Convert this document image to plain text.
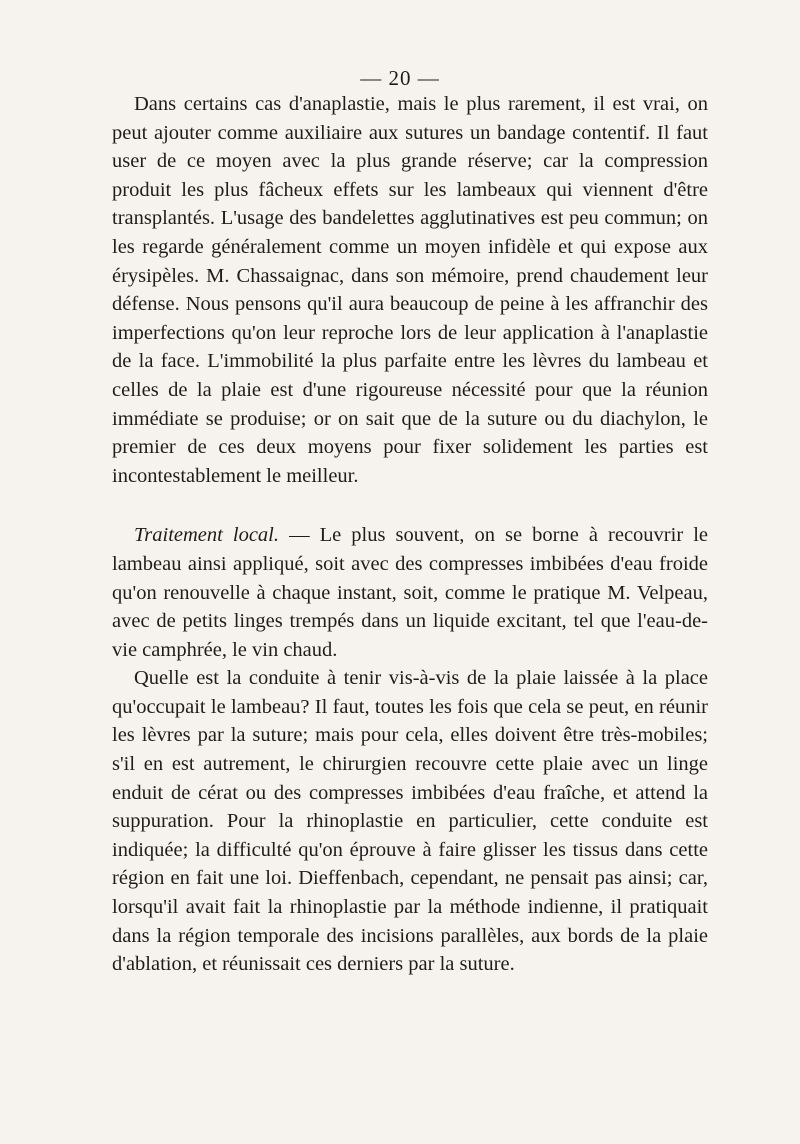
— 20 —

Dans certains cas d'anaplastie, mais le plus rarement, il est vrai, on peut ajouter comme auxiliaire aux sutures un bandage contentif. Il faut user de ce moyen avec la plus grande réserve; car la compression produit les plus fâcheux effets sur les lambeaux qui viennent d'être transplantés. L'usage des bandelettes agglutinatives est peu commun; on les regarde généralement comme un moyen infidèle et qui expose aux érysipèles. M. Chassaignac, dans son mémoire, prend chaudement leur défense. Nous pensons qu'il aura beaucoup de peine à les affranchir des imperfections qu'on leur reproche lors de leur application à l'anaplastie de la face. L'immobilité la plus parfaite entre les lèvres du lambeau et celles de la plaie est d'une rigoureuse nécessité pour que la réunion immédiate se produise; or on sait que de la suture ou du diachylon, le premier de ces deux moyens pour fixer solidement les parties est incontestablement le meilleur.

Traitement local. — Le plus souvent, on se borne à recouvrir le lambeau ainsi appliqué, soit avec des compresses imbibées d'eau froide qu'on renouvelle à chaque instant, soit, comme le pratique M. Velpeau, avec de petits linges trempés dans un liquide excitant, tel que l'eau-de-vie camphrée, le vin chaud.

Quelle est la conduite à tenir vis-à-vis de la plaie laissée à la place qu'occupait le lambeau? Il faut, toutes les fois que cela se peut, en réunir les lèvres par la suture; mais pour cela, elles doivent être très-mobiles; s'il en est autrement, le chirurgien recouvre cette plaie avec un linge enduit de cérat ou des compresses imbibées d'eau fraîche, et attend la suppuration. Pour la rhinoplastie en particulier, cette conduite est indiquée; la difficulté qu'on éprouve à faire glisser les tissus dans cette région en fait une loi. Dieffenbach, cependant, ne pensait pas ainsi; car, lorsqu'il avait fait la rhinoplastie par la méthode indienne, il pratiquait dans la région temporale des incisions parallèles, aux bords de la plaie d'ablation, et réunissait ces derniers par la suture.
